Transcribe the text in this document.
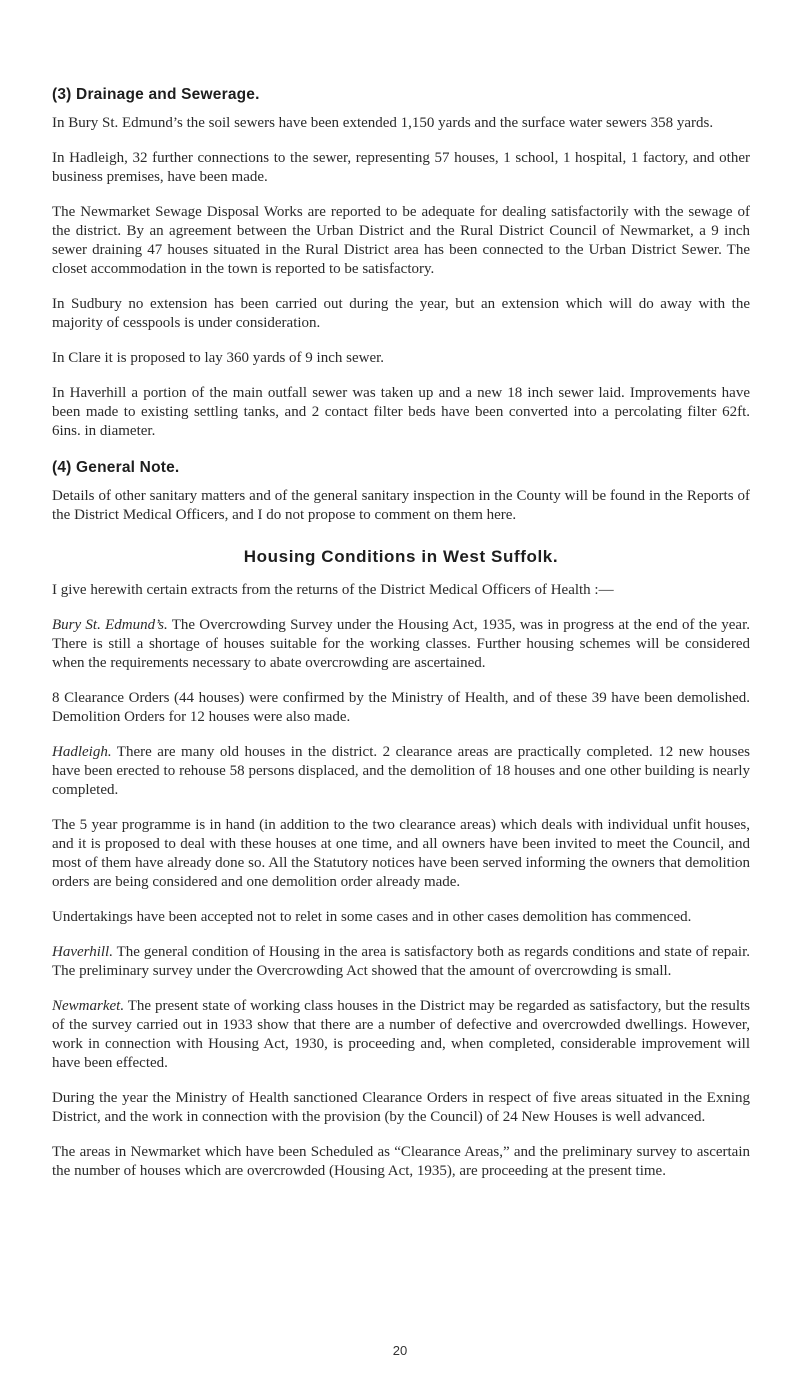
(3) Drainage and Sewerage.

In Bury St. Edmund’s the soil sewers have been extended 1,150 yards and the surface water sewers 358 yards.

In Hadleigh, 32 further connections to the sewer, representing 57 houses, 1 school, 1 hospital, 1 factory, and other business premises, have been made.

The Newmarket Sewage Disposal Works are reported to be adequate for dealing satisfactorily with the sewage of the district. By an agreement between the Urban District and the Rural District Council of Newmarket, a 9 inch sewer draining 47 houses situated in the Rural District area has been connected to the Urban District Sewer. The closet accommodation in the town is reported to be satisfactory.

In Sudbury no extension has been carried out during the year, but an extension which will do away with the majority of cesspools is under consideration.

In Clare it is proposed to lay 360 yards of 9 inch sewer.

In Haverhill a portion of the main outfall sewer was taken up and a new 18 inch sewer laid. Improvements have been made to existing settling tanks, and 2 contact filter beds have been converted into a percolating filter 62ft. 6ins. in diameter.

(4) General Note.

Details of other sanitary matters and of the general sanitary inspection in the County will be found in the Reports of the District Medical Officers, and I do not propose to comment on them here.

Housing Conditions in West Suffolk.

I give herewith certain extracts from the returns of the District Medical Officers of Health :—

Bury St. Edmund’s. The Overcrowding Survey under the Housing Act, 1935, was in progress at the end of the year. There is still a shortage of houses suitable for the working classes. Further housing schemes will be considered when the requirements necessary to abate overcrowding are ascertained.

8 Clearance Orders (44 houses) were confirmed by the Ministry of Health, and of these 39 have been demolished. Demolition Orders for 12 houses were also made.

Hadleigh. There are many old houses in the district. 2 clearance areas are practically completed. 12 new houses have been erected to rehouse 58 persons displaced, and the demolition of 18 houses and one other building is nearly completed.

The 5 year programme is in hand (in addition to the two clearance areas) which deals with individual unfit houses, and it is proposed to deal with these houses at one time, and all owners have been invited to meet the Council, and most of them have already done so. All the Statutory notices have been served informing the owners that demolition orders are being considered and one demolition order already made.

Undertakings have been accepted not to relet in some cases and in other cases demolition has commenced.

Haverhill. The general condition of Housing in the area is satisfactory both as regards conditions and state of repair. The preliminary survey under the Overcrowding Act showed that the amount of overcrowding is small.

Newmarket. The present state of working class houses in the District may be regarded as satisfactory, but the results of the survey carried out in 1933 show that there are a number of defective and overcrowded dwellings. However, work in connection with Housing Act, 1930, is proceeding and, when completed, considerable improvement will have been effected.

During the year the Ministry of Health sanctioned Clearance Orders in respect of five areas situated in the Exning District, and the work in connection with the provision (by the Council) of 24 New Houses is well advanced.

The areas in Newmarket which have been Scheduled as “Clearance Areas,” and the preliminary survey to ascertain the number of houses which are overcrowded (Housing Act, 1935), are proceeding at the present time.

20
